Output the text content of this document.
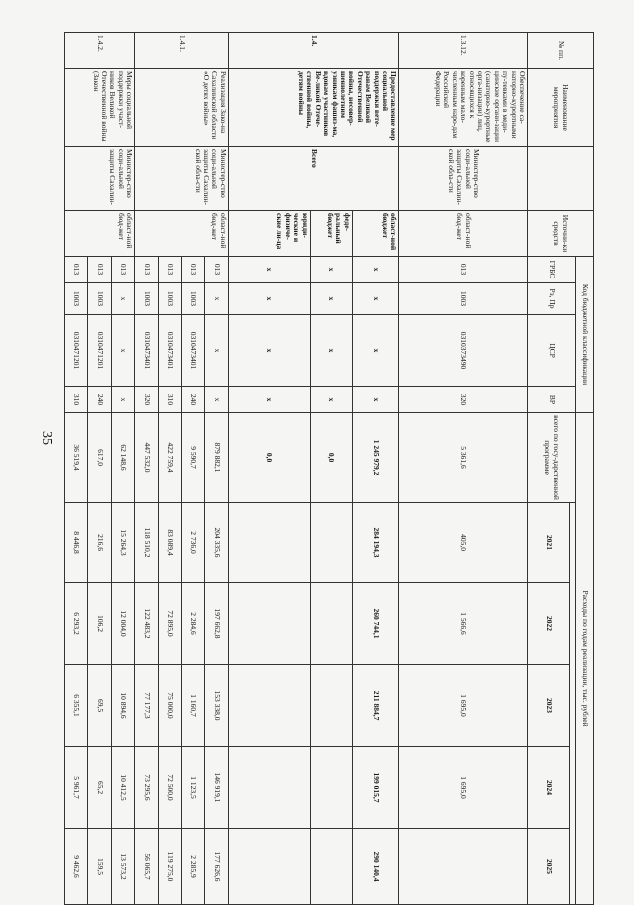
35
№ пп.	Наименование мероприятия		Источни-ки средств	Код бюджетной классификации				Расходы по годам реализации, тыс. рублей					
				ГРБС	Рз, Пр	ЦСР	ВР	всего по госу-дарственной программе					
									2021	2022	2023	2024	2025
1.3.12.	Обеспечение са-наторно-курортными пу-тевками в меди-цинские органи-зации (санаторно-курортные орга-низации) лиц, относящихся к коренным мало-численным наро-дам Российской Федерации	Министер-ство соци-альной защиты Сахалин-ской обла-сти	област-ной бюд-жет	013	1003	0310373490	320	5 361,6	405,0	1 566,6	1 695,0	1 695,0	
1.4.	Предоставление мер социальной поддержки вете-ранам Великой Отечественной войны, несовер-шеннолетним узникам фашиз-ма, вдовам участников Ве-ликой Отече-ственной войны, детям войны	Всего	област-ной бюджет	х	х	х	х	1 245 979,2	284 194,3	260 744,1	211 884,7	199 015,7	290 140,4
			феде-ральный бюджет	х	х	х	х	0,0					
			юриди-ческие и физиче-ские ли-ца	х	х	х	х	0,0					
1.4.1.	Реализация Зако-на Сахалинской области «О детях войны»	Министер-ство соци-альной защиты Сахалин-ской обла-сти	област-ной бюд-жет	013	х	х	х	879 882,1	204 335,6	197 662,8	153 338,0	146 919,1	177 626,6
				013	1003	0310473401	240	9 590,7	2 736,0	2 284,6	1 160,7	1 123,5	2 285,9
				013	1003	0310473401	310	422 759,4	83 089,4	72 895,0	75 000,0	72 500,0	119 275,0
				013	1003	0310473401	320	447 532,0	118 510,2	122 483,2	77 177,3	73 295,6	56 065,7
1.4.2.	Меры социальной поддержки участ-ников Великой Отечественной войны (Закон	Министер-ство соци-альной защиты Сахалин-	област-ной бюд-жет	013	х	х	х	62 148,6	15 264,3	12 004,0	10 894,6	10 412,5	13 573,2
				013	1003	0310471201	240	617,0	216,6	106,2	69,5	65,2	159,5
				013	1003	0310471201	310	36 519,4	8 446,8	6 293,2	6 355,1	5 961,7	9 462,6
